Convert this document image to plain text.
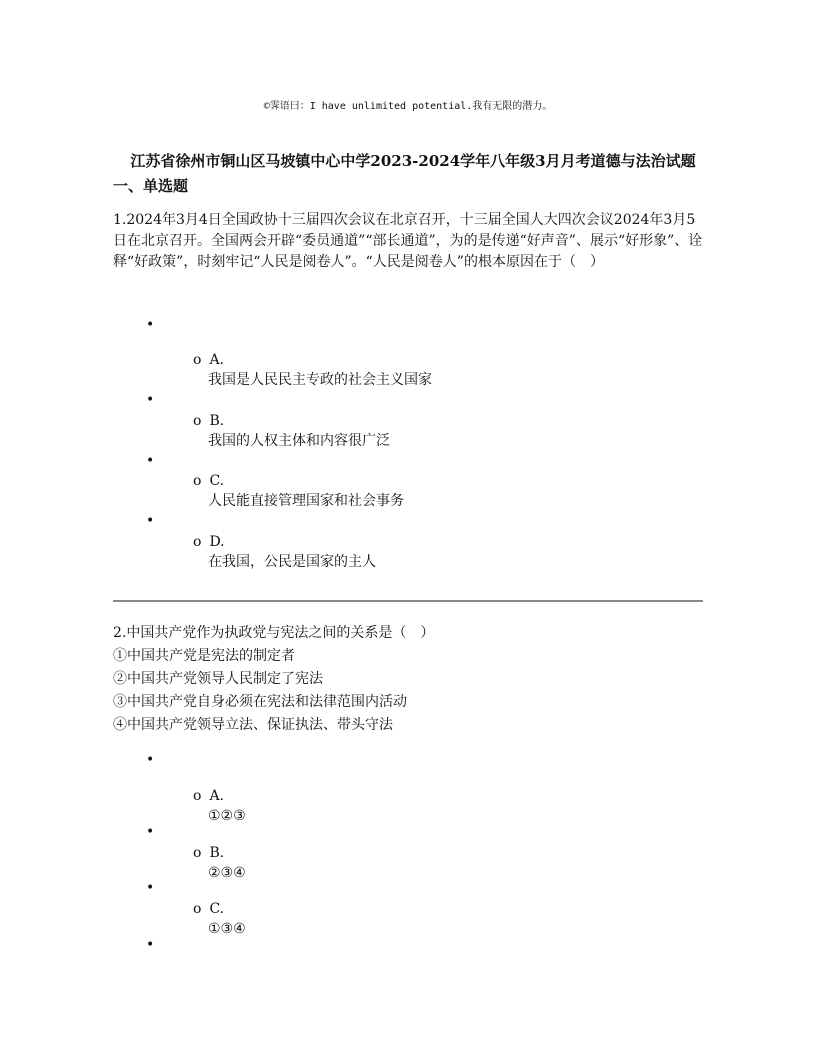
©霁语曰：I have unlimited potential.我有无限的潜力。
江苏省徐州市铜山区马坡镇中心中学2023-2024学年八年级3月月考道德与法治试题
一、单选题
1.2024年3月4日全国政协十三届四次会议在北京召开，十三届全国人大四次会议2024年3月5日在北京召开。全国两会开辟“委员通道”“部长通道”，为的是传递“好声音”、展示“好形象”、诠释“好政策”，时刻牢记“人民是阅卷人”。“人民是阅卷人”的根本原因在于（　）
•
o A.
我国是人民民主专政的社会主义国家
•
o B.
我国的人权主体和内容很广泛
•
o C.
人民能直接管理国家和社会事务
•
o D.
在我国，公民是国家的主人
2.中国共产党作为执政党与宪法之间的关系是（　）
①中国共产党是宪法的制定者
②中国共产党领导人民制定了宪法
③中国共产党自身必须在宪法和法律范围内活动
④中国共产党领导立法、保证执法、带头守法
•
o A.
①②③
•
o B.
②③④
•
o C.
①③④
•
